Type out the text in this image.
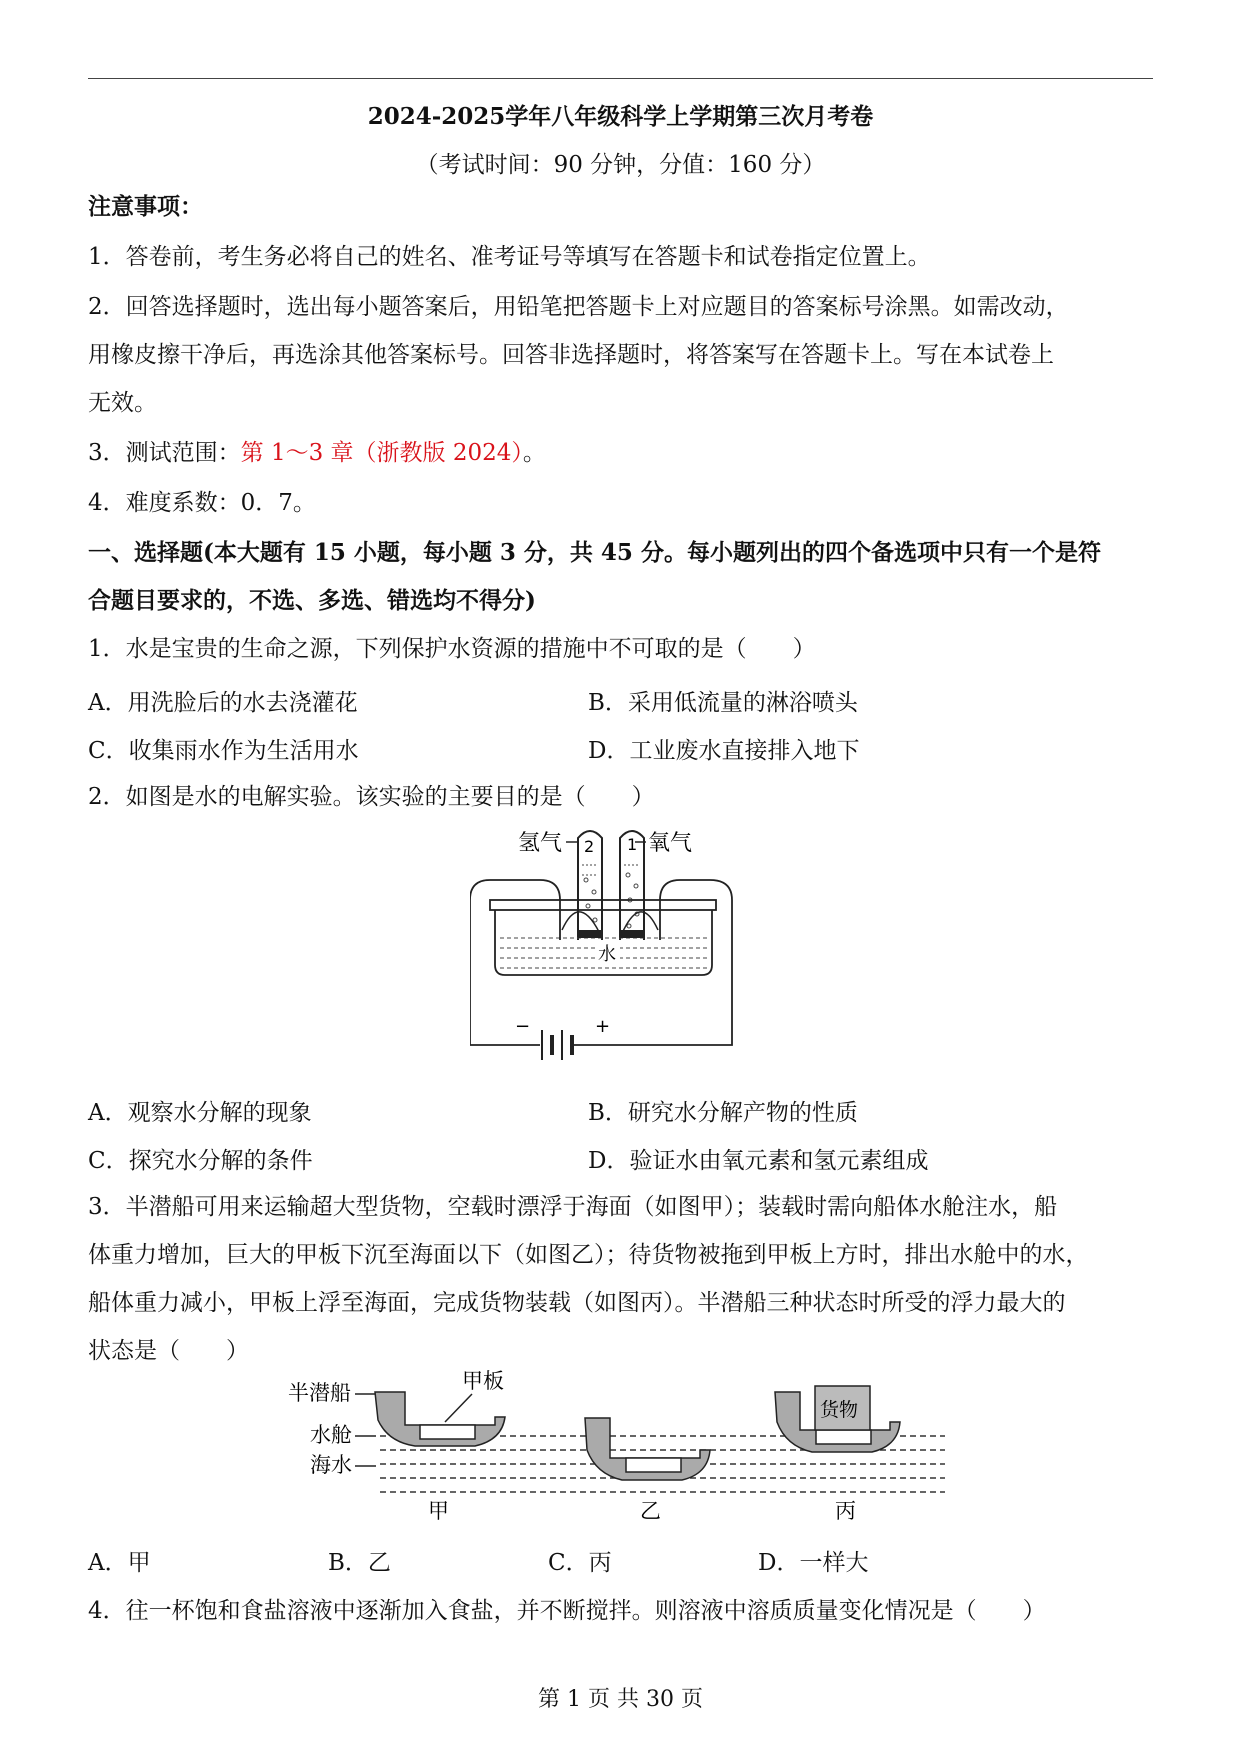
2024-2025学年八年级科学上学期第三次月考卷
（考试时间：90 分钟，分值：160 分）
注意事项：
1．答卷前，考生务必将自己的姓名、准考证号等填写在答题卡和试卷指定位置上。
2．回答选择题时，选出每小题答案后，用铅笔把答题卡上对应题目的答案标号涂黑。如需改动，
用橡皮擦干净后，再选涂其他答案标号。回答非选择题时，将答案写在答题卡上。写在本试卷上
无效。
3．测试范围：第 1～3 章（浙教版 2024）。
4．难度系数：0．7。
一、选择题(本大题有 15 小题，每小题 3 分，共 45 分。每小题列出的四个备选项中只有一个是符
合题目要求的，不选、多选、错选均不得分)
1．水是宝贵的生命之源，下列保护水资源的措施中不可取的是（　　）
A．用洗脸后的水去浇灌花	B．采用低流量的淋浴喷头
C．收集雨水作为生活用水	D．工业废水直接排入地下
2．如图是水的电解实验。该实验的主要目的是（　　）
氢气	氧气
2 1
水
−	+
A．观察水分解的现象	B．研究水分解产物的性质
C．探究水分解的条件	D．验证水由氧元素和氢元素组成
3．半潜船可用来运输超大型货物，空载时漂浮于海面（如图甲）；装载时需向船体水舱注水，船
体重力增加，巨大的甲板下沉至海面以下（如图乙）；待货物被拖到甲板上方时，排出水舱中的水，
船体重力减小，甲板上浮至海面，完成货物装载（如图丙）。半潜船三种状态时所受的浮力最大的
状态是（　　）
半潜船
水舱
海水
甲板
货物
甲	乙	丙
A．甲	B．乙	C．丙	D．一样大
4．往一杯饱和食盐溶液中逐渐加入食盐，并不断搅拌。则溶液中溶质质量变化情况是（　　）
第 1 页 共 30 页
